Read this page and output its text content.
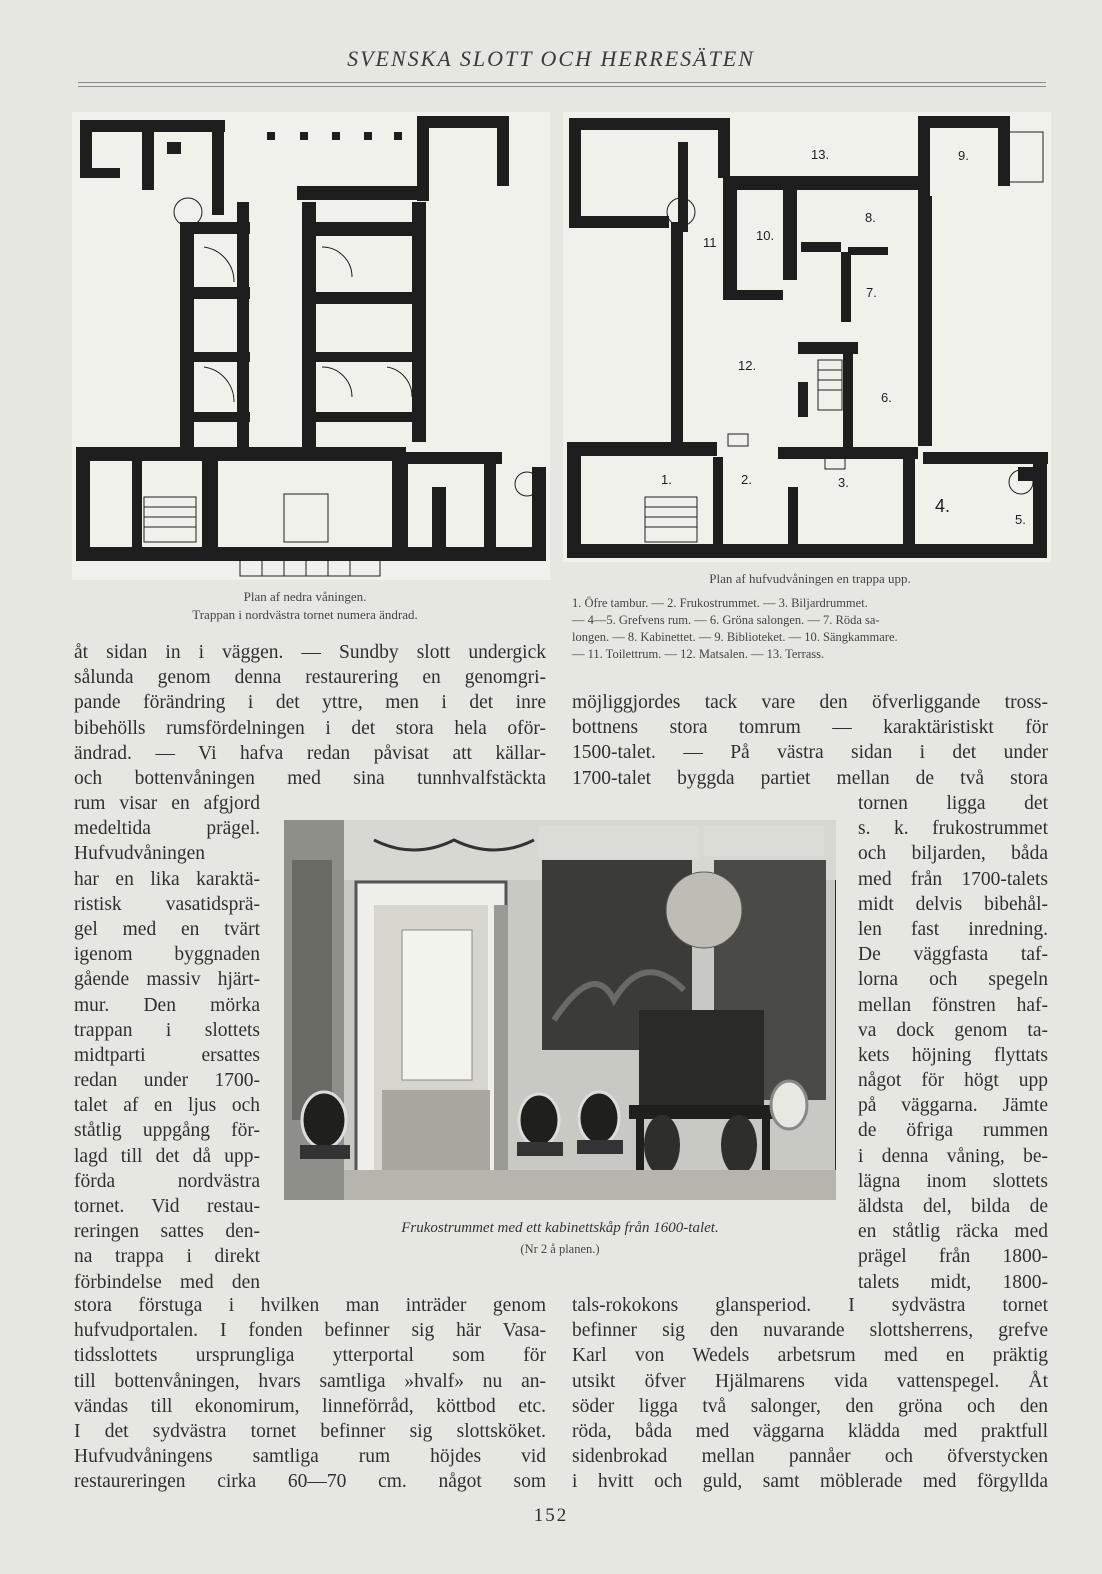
SVENSKA SLOTT OCH HERRESÄTEN
Plan af nedra våningen.
Trappan i nordvästra tornet numera ändrad.
1.	2.	3.
4.
5.
6.
7.
8.
9.
10.
11
12.
13.
Plan af hufvudvåningen en trappa upp.
1. Öfre tambur. — 2. Frukostrummet. — 3. Biljardrummet.
— 4—5. Grefvens rum. — 6. Gröna salongen. — 7. Röda sa-
longen. — 8. Kabinettet. — 9. Biblioteket. — 10. Sängkammare.
— 11. Toilettrum. — 12. Matsalen. — 13. Terrass.
åt sidan in i väggen. — Sundby slott undergick
sålunda genom denna restaurering en genomgri-
pande förändring i det yttre, men i det inre
bibehölls rumsfördelningen i det stora hela oför-
ändrad. — Vi hafva redan påvisat att källar-
och bottenvåningen med sina tunnhvalfstäckta
rum visar en afgjord
medeltida prägel.
Hufvudvåningen
har en lika karaktä-
ristisk vasatidsprä-
gel med en tvärt
igenom byggnaden
gående massiv hjärt-
mur. Den mörka
trappan i slottets
midtparti ersattes
redan under 1700-
talet af en ljus och
ståtlig uppgång för-
lagd till det då upp-
förda nordvästra
tornet. Vid restau-
reringen sattes den-
na trappa i direkt
förbindelse med den
stora förstuga i hvilken man inträder genom
hufvudportalen. I fonden befinner sig här Vasa-
tidsslottets ursprungliga ytterportal som för
till bottenvåningen, hvars samtliga »hvalf» nu an-
vändas till ekonomirum, linneförråd, köttbod etc.
I det sydvästra tornet befinner sig slottsköket.
Hufvudvåningens samtliga rum höjdes vid
restaureringen cirka 60—70 cm. något som
möjliggjordes tack vare den öfverliggande tross-
bottnens stora tomrum — karaktäristiskt för
1500-talet. — På västra sidan i det under
1700-talet byggda partiet mellan de två stora
tornen ligga det
s. k. frukostrummet
och biljarden, båda
med från 1700-talets
midt delvis bibehål-
len fast inredning.
De väggfasta taf-
lorna och spegeln
mellan fönstren haf-
va dock genom ta-
kets höjning flyttats
något för högt upp
på väggarna. Jämte
de öfriga rummen
i denna våning, be-
lägna inom slottets
äldsta del, bilda de
en ståtlig räcka med
prägel från 1800-
talets midt, 1800-
tals-rokokons glansperiod. I sydvästra tornet
befinner sig den nuvarande slottsherrens, grefve
Karl von Wedels arbetsrum med en präktig
utsikt öfver Hjälmarens vida vattenspegel. Åt
söder ligga två salonger, den gröna och den
röda, båda med väggarna klädda med praktfull
sidenbrokad mellan pannåer och öfverstycken
i hvitt och guld, samt möblerade med förgyllda
Frukostrummet med ett kabinettskåp från 1600-talet.
(Nr 2 å planen.)
152
